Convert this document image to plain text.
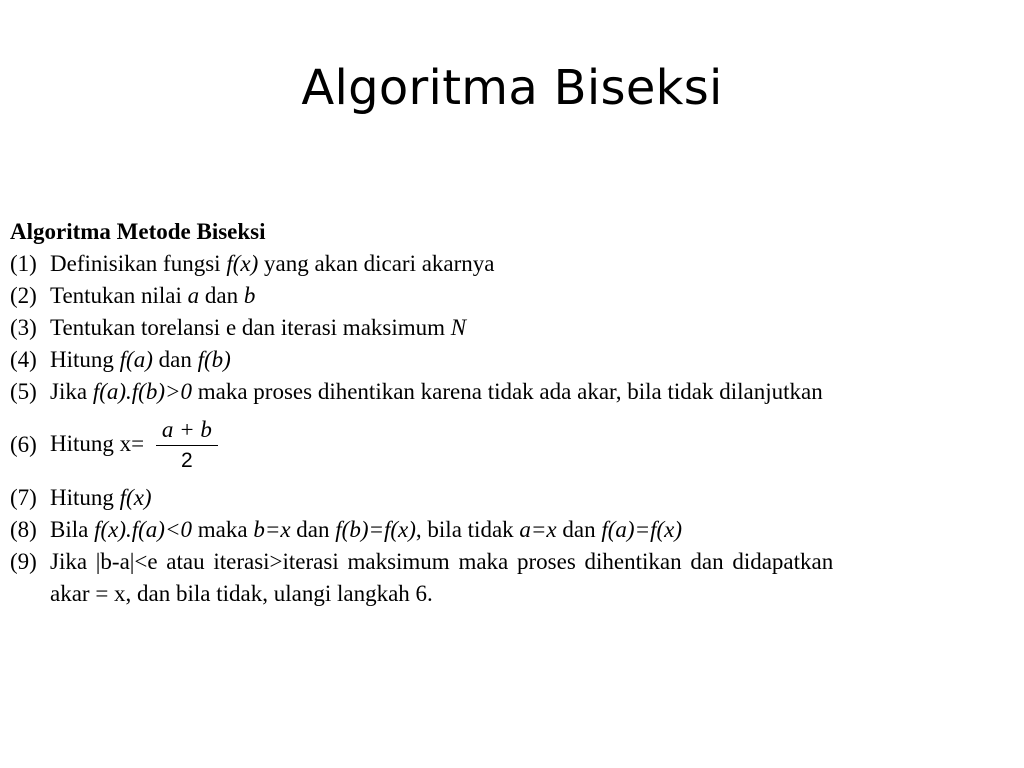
Algoritma Biseksi
Algoritma Metode Biseksi
(1) Definisikan fungsi f(x) yang akan dicari akarnya
(2) Tentukan nilai a dan b
(3) Tentukan torelansi e dan iterasi maksimum N
(4) Hitung f(a) dan f(b)
(5) Jika f(a).f(b)>0 maka proses dihentikan karena tidak ada akar, bila tidak dilanjutkan
(6) Hitung $x= \frac{a + b}{2}$
(7) Hitung f(x)
(8) Bila f(x).f(a)<0 maka b=x dan f(b)=f(x), bila tidak a=x dan f(a)=f(x)
(9) Jika |b-a|<e atau iterasi>iterasi maksimum maka proses dihentikan dan didapatkan
akar = x, dan bila tidak, ulangi langkah 6.
